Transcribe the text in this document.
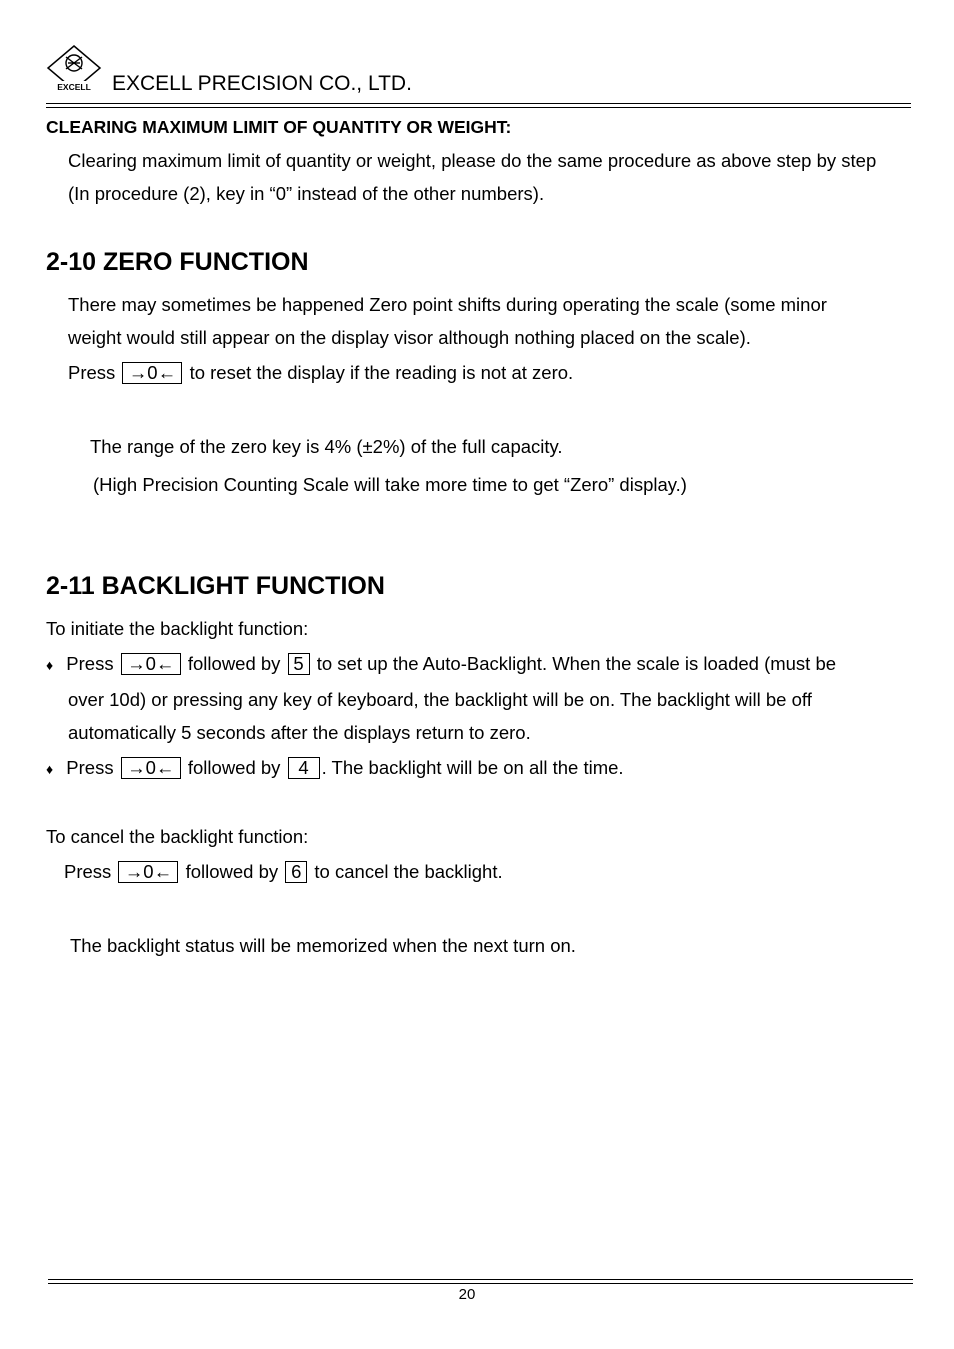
EXCELL EXCELL PRECISION CO., LTD.
CLEARING MAXIMUM LIMIT OF QUANTITY OR WEIGHT:
Clearing maximum limit of quantity or weight, please do the same procedure as above step by step
(In procedure (2), key in “0” instead of the other numbers).
2-10 ZERO FUNCTION
There may sometimes be happened Zero point shifts during operating the scale (some minor
weight would still appear on the display visor although nothing placed on the scale).
Press →0← to reset the display if the reading is not at zero.
The range of the zero key is 4% (±2%) of the full capacity.
(High Precision Counting Scale will take more time to get “Zero” display.)
2-11 BACKLIGHT FUNCTION
To initiate the backlight function:
♦ Press →0← followed by 5 to set up the Auto-Backlight. When the scale is loaded (must be
over 10d) or pressing any key of keyboard, the backlight will be on. The backlight will be off
automatically 5 seconds after the displays return to zero.
♦ Press →0← followed by 4 . The backlight will be on all the time.
To cancel the backlight function:
Press →0← followed by 6 to cancel the backlight.
The backlight status will be memorized when the next turn on.
20
